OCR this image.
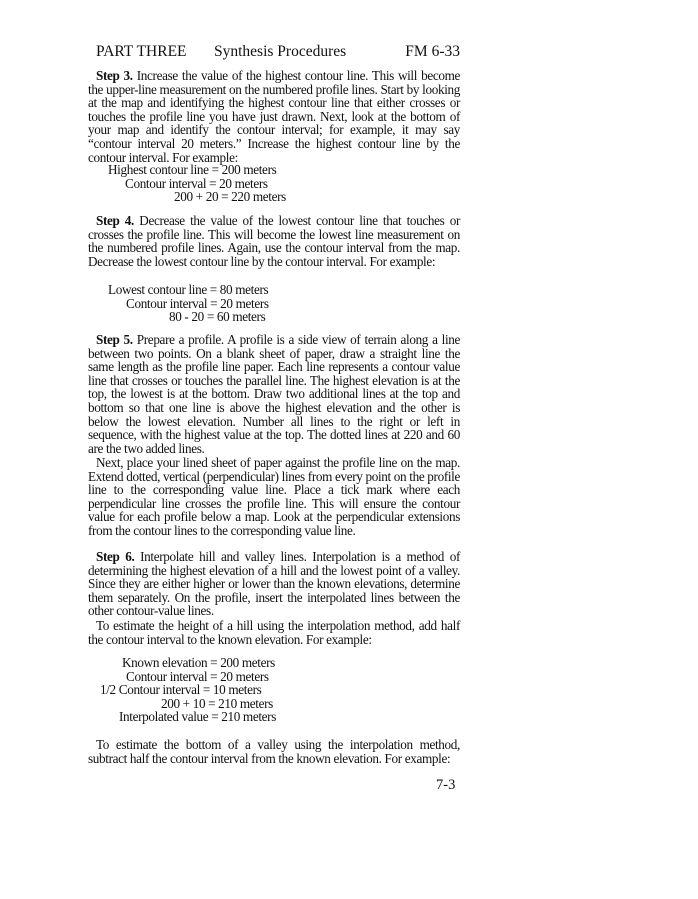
PART THREE Synthesis Procedures	FM 6-33

Step 3. Increase the value of the highest contour line. This will become the upper-line measurement on the numbered profile lines. Start by looking at the map and identifying the highest contour line that either crosses or touches the profile line you have just drawn. Next, look at the bottom of your map and identify the contour interval; for example, it may say “contour interval 20 meters.” Increase the highest contour line by the contour interval. For example:

Highest contour line = 200 meters
Contour interval = 20 meters
200 + 20 = 220 meters

Step 4. Decrease the value of the lowest contour line that touches or crosses the profile line. This will become the lowest line measurement on the numbered profile lines. Again, use the contour interval from the map. Decrease the lowest contour line by the contour interval. For example:

Lowest contour line = 80 meters
Contour interval = 20 meters
80 - 20 = 60 meters

Step 5. Prepare a profile. A profile is a side view of terrain along a line between two points. On a blank sheet of paper, draw a straight line the same length as the profile line paper. Each line represents a contour value line that crosses or touches the parallel line. The highest elevation is at the top, the lowest is at the bottom. Draw two additional lines at the top and bottom so that one line is above the highest elevation and the other is below the lowest elevation. Number all lines to the right or left in sequence, with the highest value at the top. The dotted lines at 220 and 60 are the two added lines.

Next, place your lined sheet of paper against the profile line on the map. Extend dotted, vertical (perpendicular) lines from every point on the profile line to the corresponding value line. Place a tick mark where each perpendicular line crosses the profile line. This will ensure the contour value for each profile below a map. Look at the perpendicular extensions from the contour lines to the corresponding value line.

Step 6. Interpolate hill and valley lines. Interpolation is a method of determining the highest elevation of a hill and the lowest point of a valley. Since they are either higher or lower than the known elevations, determine them separately. On the profile, insert the interpolated lines between the other contour-value lines.

To estimate the height of a hill using the interpolation method, add half the contour interval to the known elevation. For example:

Known elevation = 200 meters
Contour interval = 20 meters
1/2 Contour interval = 10 meters
200 + 10 = 210 meters
Interpolated value = 210 meters

To estimate the bottom of a valley using the interpolation method, subtract half the contour interval from the known elevation. For example:

7-3
